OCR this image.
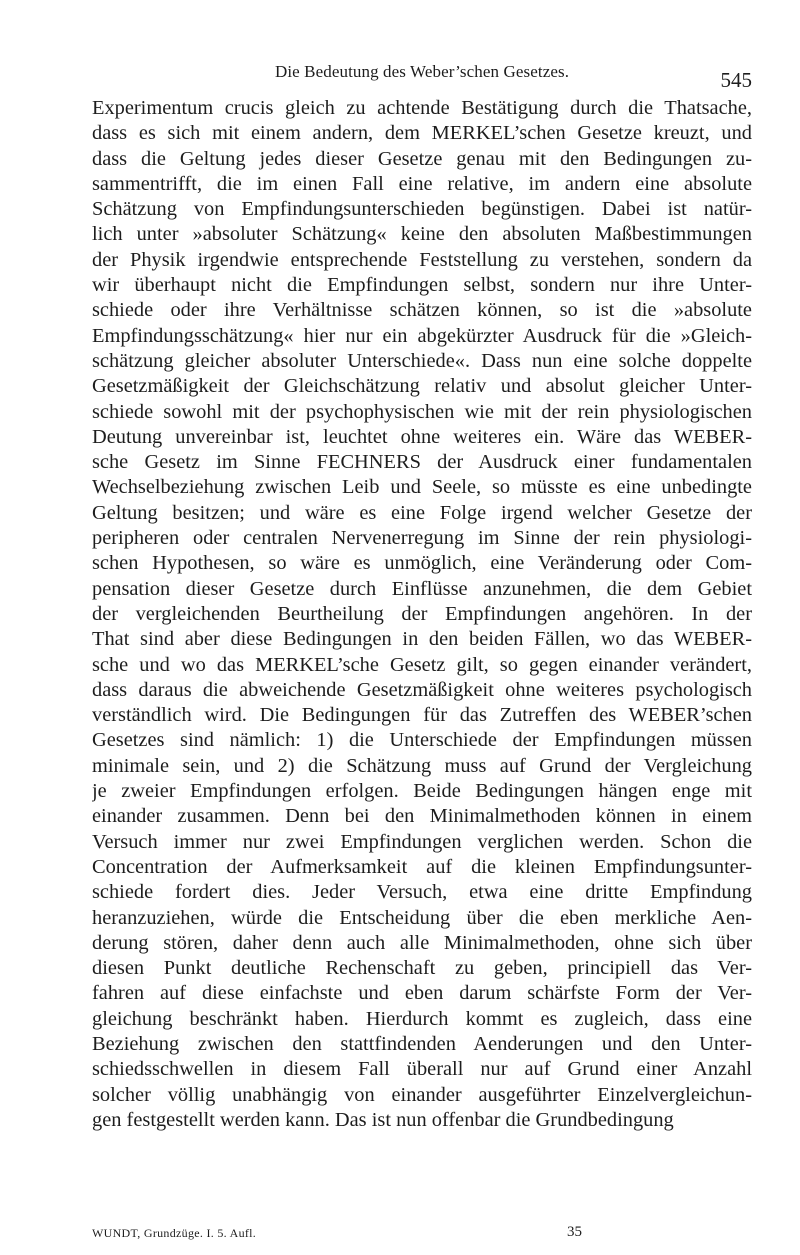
Die Bedeutung des Weber’schen Gesetzes.	545
Experimentum crucis gleich zu achtende Bestätigung durch die Thatsache,
dass es sich mit einem andern, dem MERKEL’schen Gesetze kreuzt, und
dass die Geltung jedes dieser Gesetze genau mit den Bedingungen zu-
sammentrifft, die im einen Fall eine relative, im andern eine absolute
Schätzung von Empfindungsunterschieden begünstigen. Dabei ist natür-
lich unter »absoluter Schätzung« keine den absoluten Maßbestimmungen
der Physik irgendwie entsprechende Feststellung zu verstehen, sondern da
wir überhaupt nicht die Empfindungen selbst, sondern nur ihre Unter-
schiede oder ihre Verhältnisse schätzen können, so ist die »absolute
Empfindungsschätzung« hier nur ein abgekürzter Ausdruck für die »Gleich-
schätzung gleicher absoluter Unterschiede«. Dass nun eine solche doppelte
Gesetzmäßigkeit der Gleichschätzung relativ und absolut gleicher Unter-
schiede sowohl mit der psychophysischen wie mit der rein physiologischen
Deutung unvereinbar ist, leuchtet ohne weiteres ein. Wäre das WEBER-
sche Gesetz im Sinne FECHNERS der Ausdruck einer fundamentalen
Wechselbeziehung zwischen Leib und Seele, so müsste es eine unbedingte
Geltung besitzen; und wäre es eine Folge irgend welcher Gesetze der
peripheren oder centralen Nervenerregung im Sinne der rein physiologi-
schen Hypothesen, so wäre es unmöglich, eine Veränderung oder Com-
pensation dieser Gesetze durch Einflüsse anzunehmen, die dem Gebiet
der vergleichenden Beurtheilung der Empfindungen angehören. In der
That sind aber diese Bedingungen in den beiden Fällen, wo das WEBER-
sche und wo das MERKEL’sche Gesetz gilt, so gegen einander verändert,
dass daraus die abweichende Gesetzmäßigkeit ohne weiteres psychologisch
verständlich wird. Die Bedingungen für das Zutreffen des WEBER’schen
Gesetzes sind nämlich: 1) die Unterschiede der Empfindungen müssen
minimale sein, und 2) die Schätzung muss auf Grund der Vergleichung
je zweier Empfindungen erfolgen. Beide Bedingungen hängen enge mit
einander zusammen. Denn bei den Minimalmethoden können in einem
Versuch immer nur zwei Empfindungen verglichen werden. Schon die
Concentration der Aufmerksamkeit auf die kleinen Empfindungsunter-
schiede fordert dies. Jeder Versuch, etwa eine dritte Empfindung
heranzuziehen, würde die Entscheidung über die eben merkliche Aen-
derung stören, daher denn auch alle Minimalmethoden, ohne sich über
diesen Punkt deutliche Rechenschaft zu geben, principiell das Ver-
fahren auf diese einfachste und eben darum schärfste Form der Ver-
gleichung beschränkt haben. Hierdurch kommt es zugleich, dass eine
Beziehung zwischen den stattfindenden Aenderungen und den Unter-
schiedsschwellen in diesem Fall überall nur auf Grund einer Anzahl
solcher völlig unabhängig von einander ausgeführter Einzelvergleichun-
gen festgestellt werden kann. Das ist nun offenbar die Grundbedingung
WUNDT, Grundzüge. I. 5. Aufl.	35
